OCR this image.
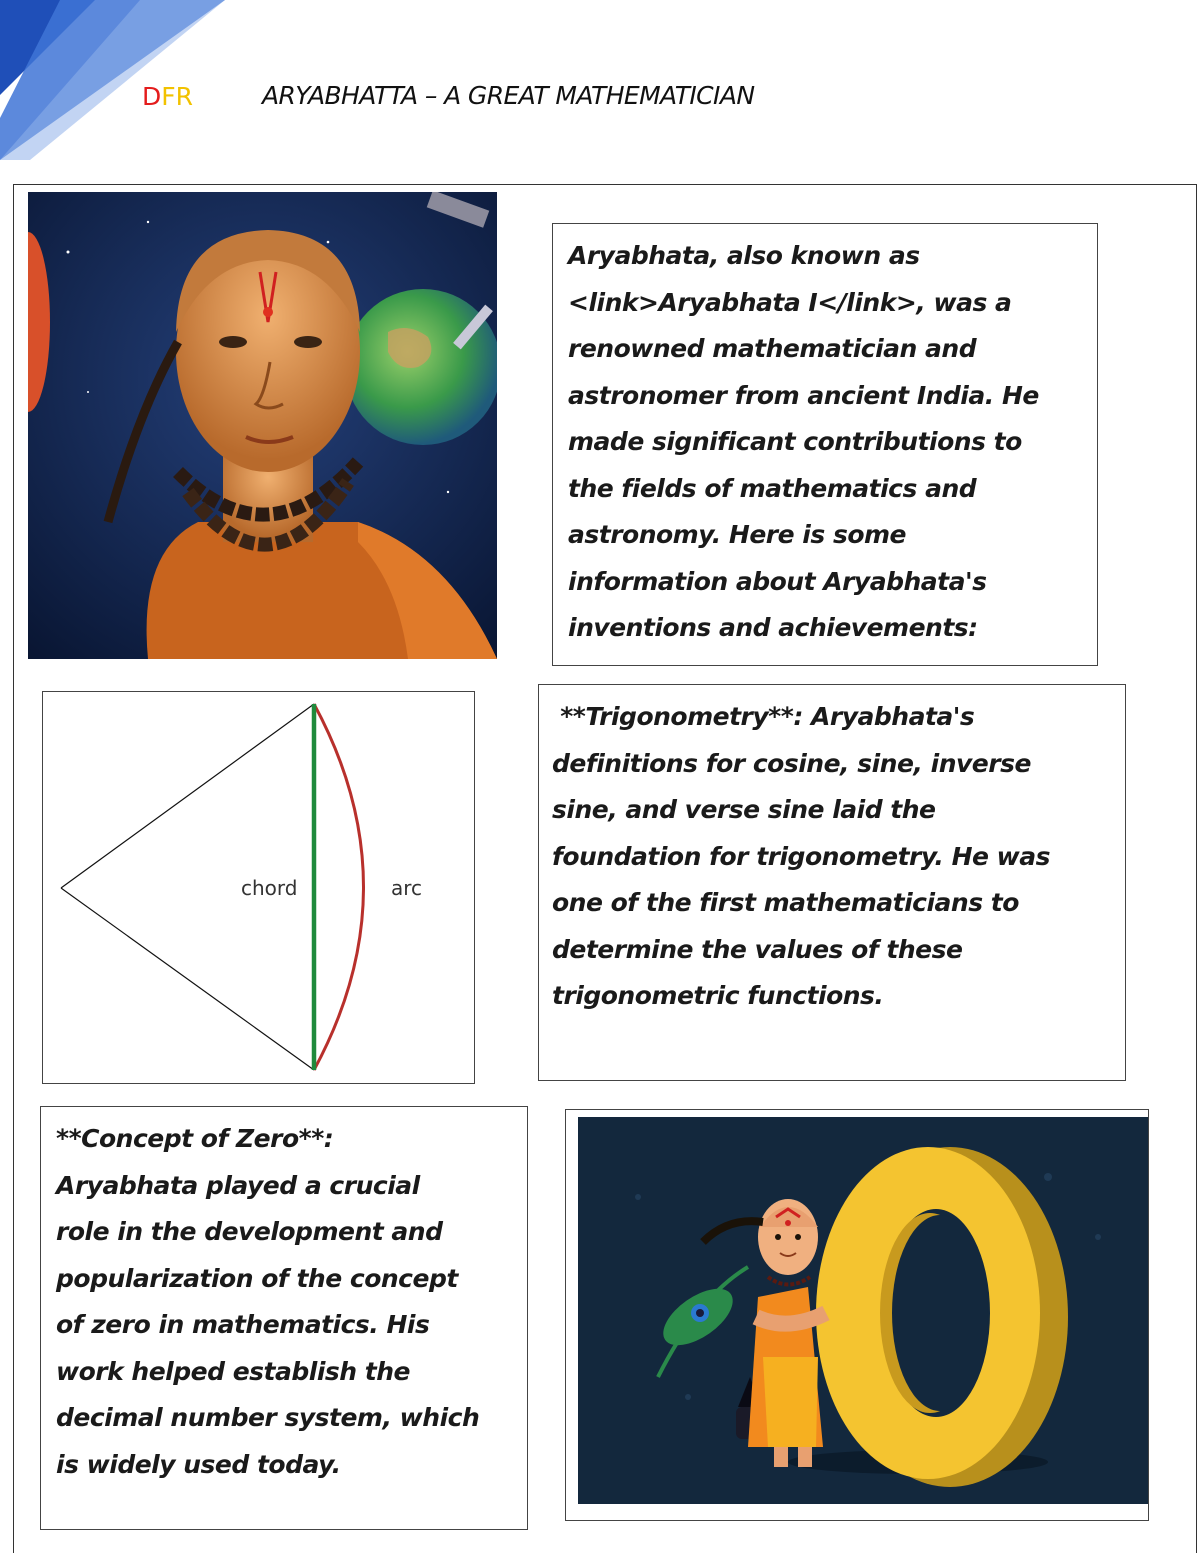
DFR	ARYABHATTA – A GREAT MATHEMATICIAN
Aryabhata, also known as
<link>Aryabhata I</link>, was a
renowned mathematician and
astronomer from ancient India. He
made significant contributions to
the fields of mathematics and
astronomy. Here is some
information about Aryabhata's
inventions and achievements:
chord	arc
**Trigonometry**: Aryabhata's
definitions for cosine, sine, inverse
sine, and verse sine laid the
foundation for trigonometry. He was
one of the first mathematicians to
determine the values of these
trigonometric functions.
**Concept of Zero**:
Aryabhata played a crucial
role in the development and
popularization of the concept
of zero in mathematics. His
work helped establish the
decimal number system, which
is widely used today.
